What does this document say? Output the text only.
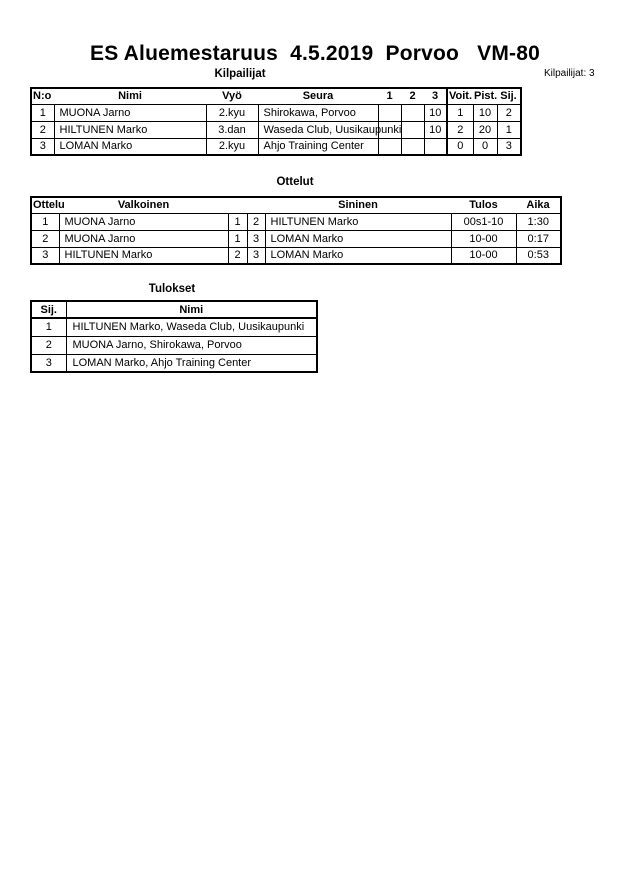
ES Aluemestaruus  4.5.2019  Porvoo   VM-80
Kilpailijat	Kilpailijat: 3
N:o	Nimi	Vyö	Seura	1	2	3	Voit.	Pist.	Sij.
1	MUONA Jarno	2.kyu	Shirokawa, Porvoo			10	1	10	2
2	HILTUNEN Marko	3.dan	Waseda Club, Uusikaupunki			10	2	20	1
3	LOMAN Marko	2.kyu	Ahjo Training Center				0	0	3
Ottelut
Ottelu	Valkoinen			Sininen	Tulos	Aika
1	MUONA Jarno	1	2	HILTUNEN Marko	00s1-10	1:30
2	MUONA Jarno	1	3	LOMAN Marko	10-00	0:17
3	HILTUNEN Marko	2	3	LOMAN Marko	10-00	0:53
Tulokset
Sij.	Nimi
1	HILTUNEN Marko, Waseda Club, Uusikaupunki
2	MUONA Jarno, Shirokawa, Porvoo
3	LOMAN Marko, Ahjo Training Center
